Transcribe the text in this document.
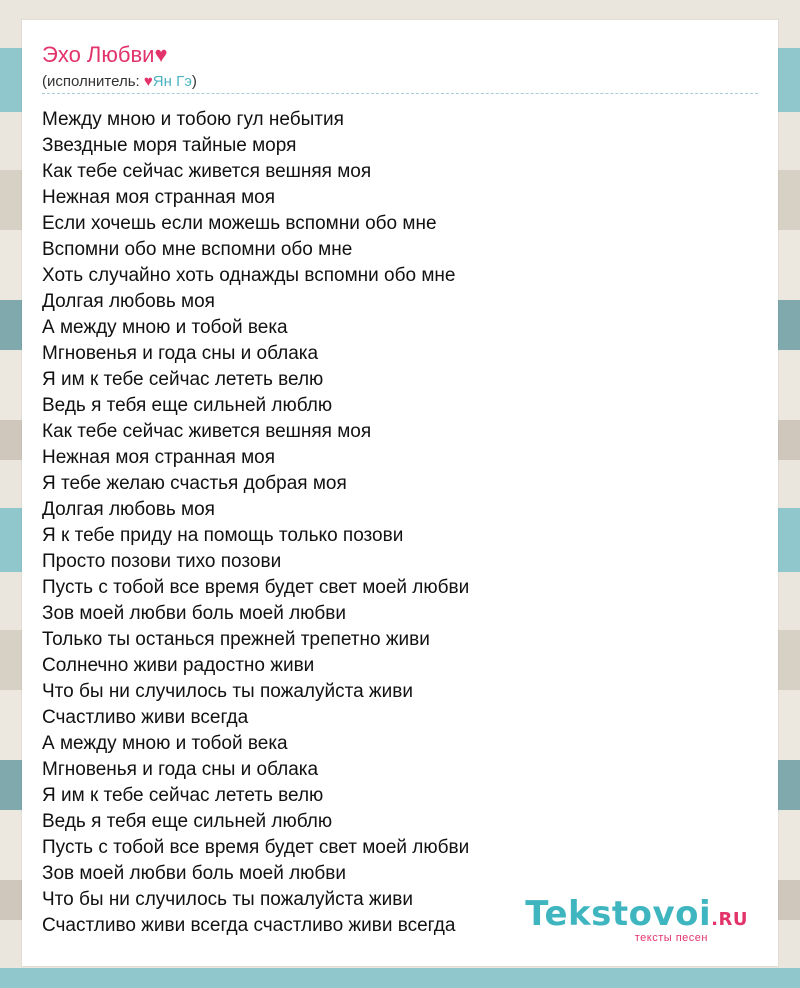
Эхо Любви♥
(исполнитель: ♥Ян Гэ)
Между мною и тобою гул небытия
Звездные моря тайные моря
Как тебе сейчас живется вешняя моя
Нежная моя странная моя
Если хочешь если можешь вспомни обо мне
Вспомни обо мне вспомни обо мне
Хоть случайно хоть однажды вспомни обо мне
Долгая любовь моя
А между мною и тобой века
Мгновенья и года сны и облака
Я им к тебе сейчас лететь велю
Ведь я тебя еще сильней люблю
Как тебе сейчас живется вешняя моя
Нежная моя странная моя
Я тебе желаю счастья добрая моя
Долгая любовь моя
Я к тебе приду на помощь только позови
Просто позови тихо позови
Пусть с тобой все время будет свет моей любви
Зов моей любви боль моей любви
Только ты останься прежней трепетно живи
Солнечно живи радостно живи
Что бы ни случилось ты пожалуйста живи
Счастливо живи всегда
А между мною и тобой века
Мгновенья и года сны и облака
Я им к тебе сейчас лететь велю
Ведь я тебя еще сильней люблю
Пусть с тобой все время будет свет моей любви
Зов моей любви боль моей любви
Что бы ни случилось ты пожалуйста живи
Счастливо живи всегда счастливо живи всегда	Tekstovoi.RU
тексты песен
